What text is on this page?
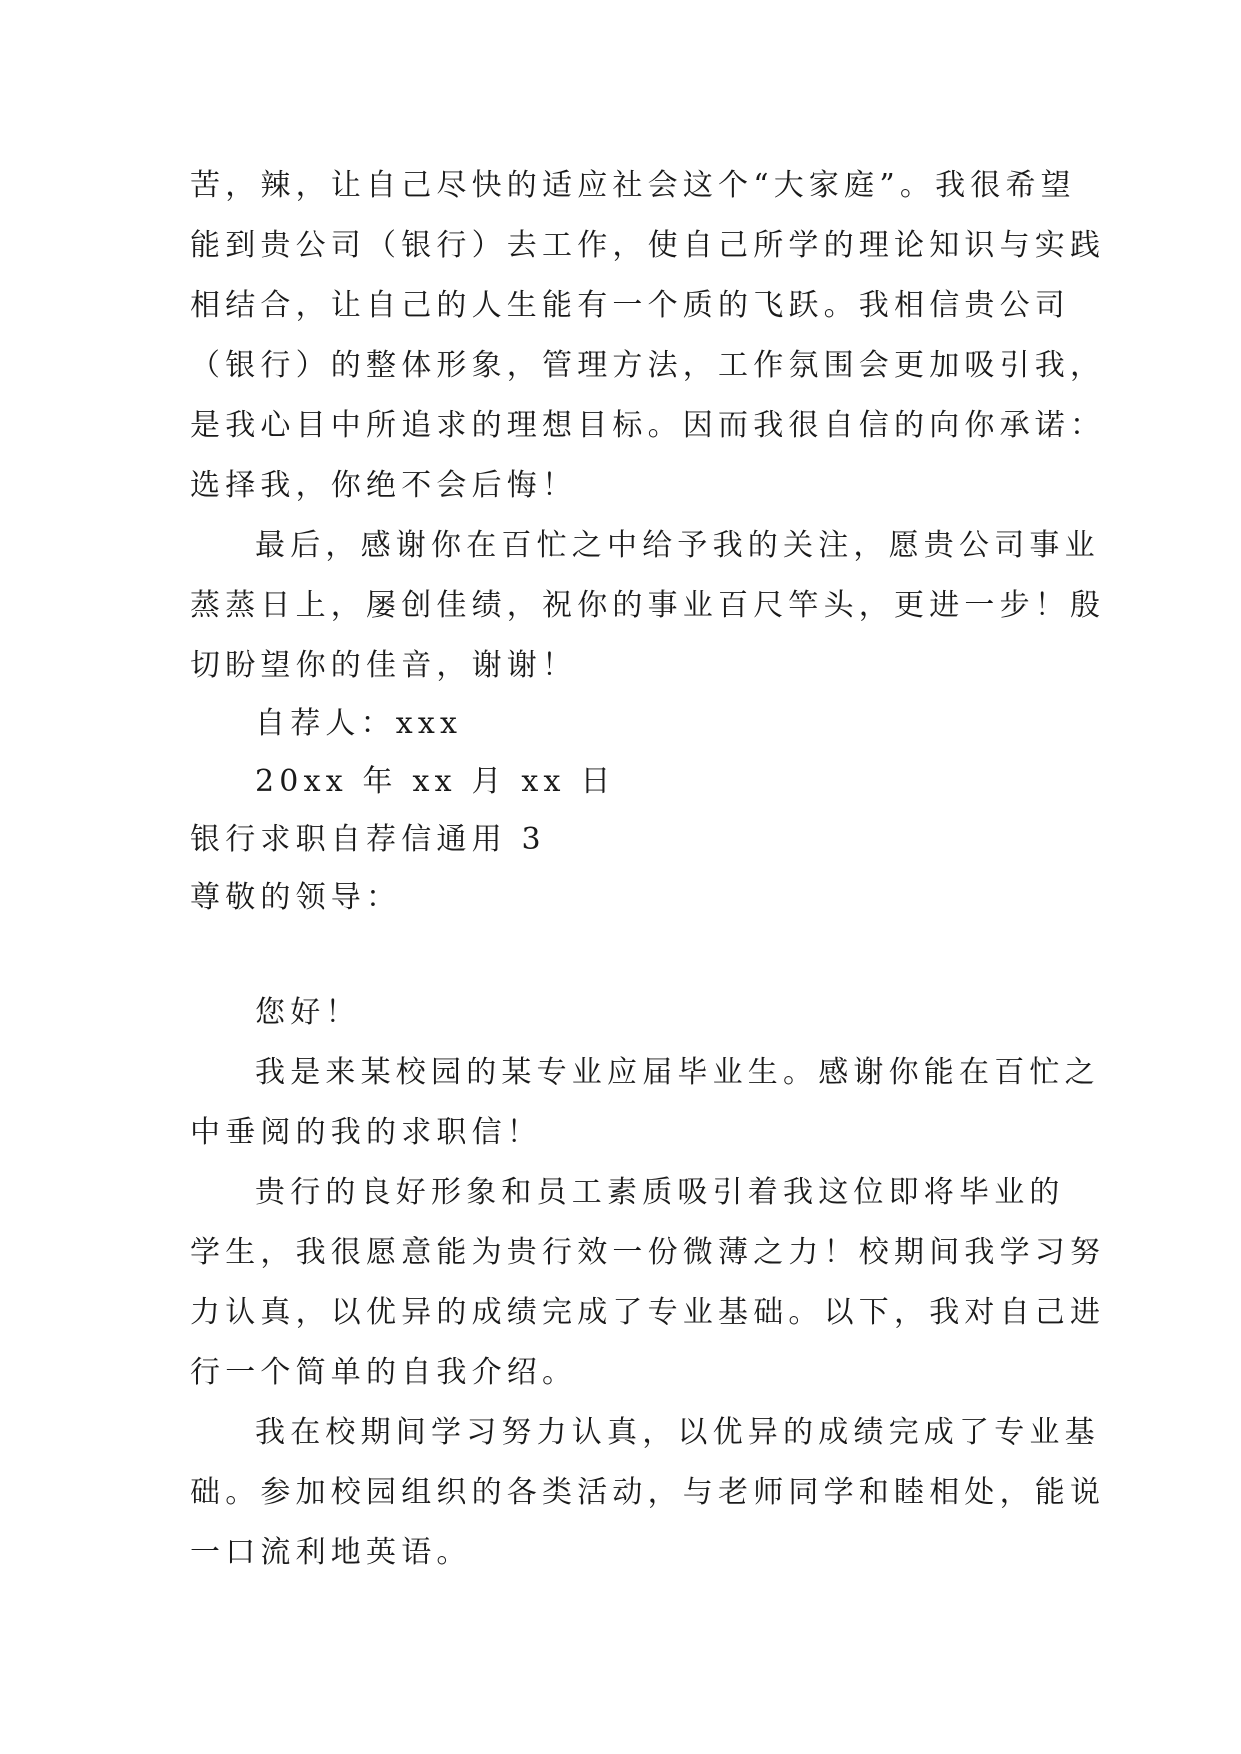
苦，辣，让自己尽快的适应社会这个“大家庭”。我很希望
能到贵公司（银行）去工作，使自己所学的理论知识与实践
相结合，让自己的人生能有一个质的飞跃。我相信贵公司
（银行）的整体形象，管理方法，工作氛围会更加吸引我，
是我心目中所追求的理想目标。因而我很自信的向你承诺：
选择我，你绝不会后悔！
最后，感谢你在百忙之中给予我的关注，愿贵公司事业
蒸蒸日上，屡创佳绩，祝你的事业百尺竿头，更进一步！殷
切盼望你的佳音，谢谢！
自荐人：xxx
20xx 年 xx 月 xx 日
银行求职自荐信通用 3
尊敬的领导：
您好！
我是来某校园的某专业应届毕业生。感谢你能在百忙之
中垂阅的我的求职信！
贵行的良好形象和员工素质吸引着我这位即将毕业的
学生，我很愿意能为贵行效一份微薄之力！校期间我学习努
力认真，以优异的成绩完成了专业基础。以下，我对自己进
行一个简单的自我介绍。
我在校期间学习努力认真，以优异的成绩完成了专业基
础。参加校园组织的各类活动，与老师同学和睦相处，能说
一口流利地英语。
